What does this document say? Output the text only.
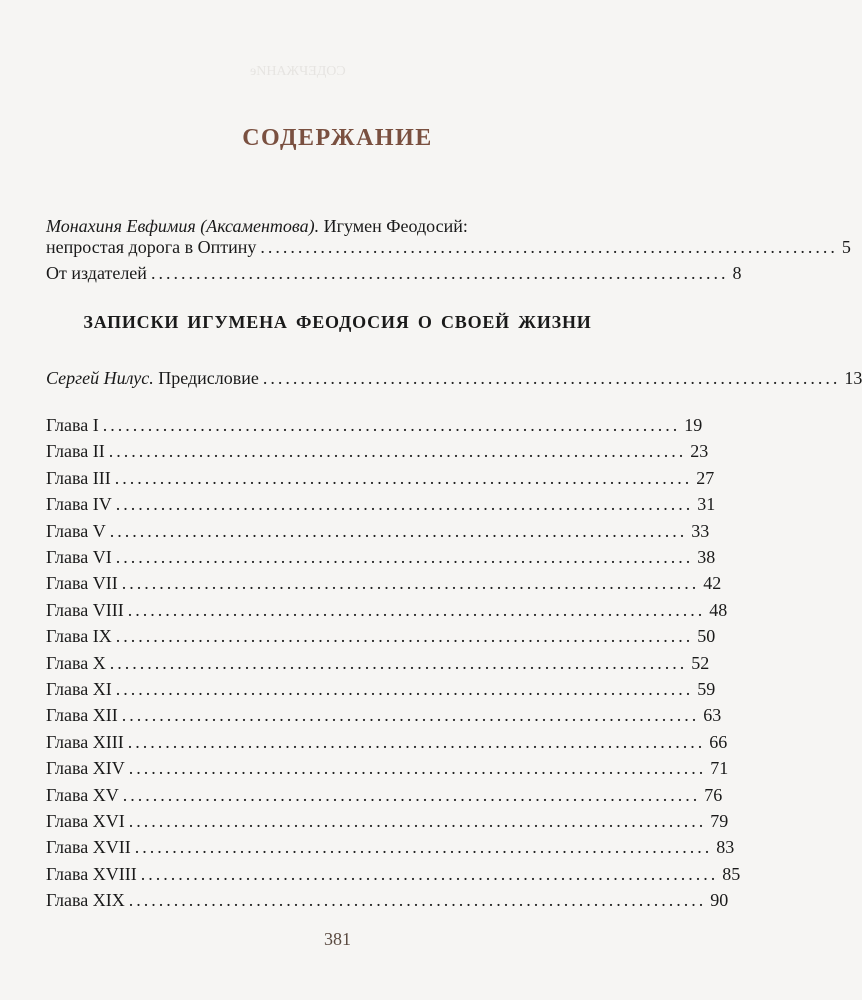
ɘNHAЖЧƎДOƆ
СОДЕРЖАНИЕ
Монахиня Евфимия (Аксаментова). Игумен Феодосий:
непростая дорога в Оптину ............................................................................. 5
От издателей ............................................................................. 8
ЗАПИСКИ ИГУМЕНА ФЕОДОСИЯ О СВОЕЙ ЖИЗНИ
Сергей Нилус. Предисловие ............................................................................. 13
Глава I ............................................................................. 19
Глава II ............................................................................. 23
Глава III ............................................................................. 27
Глава IV ............................................................................. 31
Глава V ............................................................................. 33
Глава VI ............................................................................. 38
Глава VII ............................................................................. 42
Глава VIII ............................................................................. 48
Глава IX ............................................................................. 50
Глава X ............................................................................. 52
Глава XI ............................................................................. 59
Глава XII ............................................................................. 63
Глава XIII ............................................................................. 66
Глава XIV ............................................................................. 71
Глава XV ............................................................................. 76
Глава XVI ............................................................................. 79
Глава XVII ............................................................................. 83
Глава XVIII ............................................................................. 85
Глава XIX ............................................................................. 90
381
